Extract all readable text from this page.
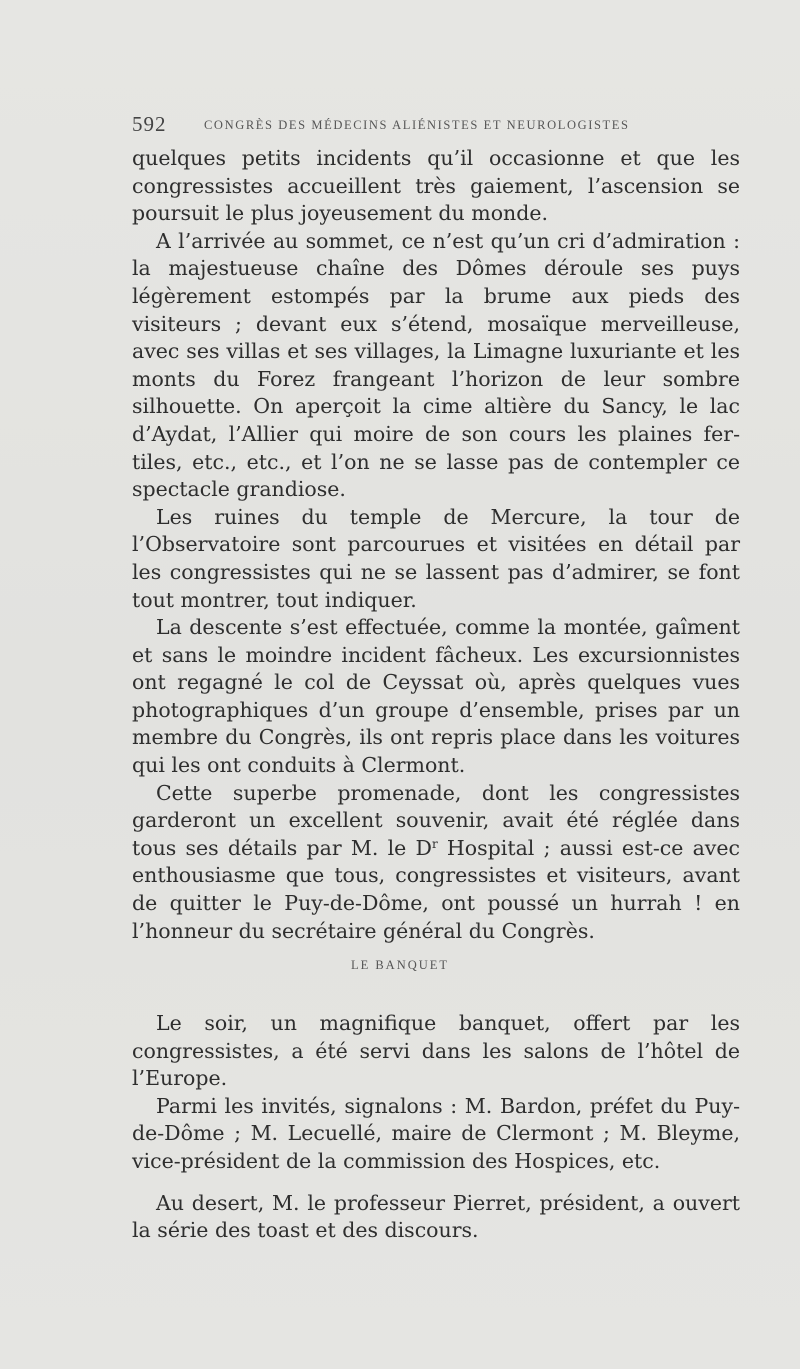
592	CONGRÈS DES MÉDECINS ALIÉNISTES ET NEUROLOGISTES

quelques petits incidents qu’il occasionne et que les congressistes accueillent très gaiement, l’ascension se poursuit le plus joyeusement du monde.

A l’arrivée au sommet, ce n’est qu’un cri d’admiration : la majestueuse chaîne des Dômes déroule ses puys légèrement estompés par la brume aux pieds des visiteurs ; devant eux s’étend, mosaïque merveilleuse, avec ses villas et ses villages, la Limagne luxuriante et les monts du Forez frangeant l’horizon de leur sombre silhouette. On aperçoit la cime altière du Sancy, le lac d’Aydat, l’Allier qui moire de son cours les plaines fertiles, etc., etc., et l’on ne se lasse pas de contempler ce spectacle grandiose.

Les ruines du temple de Mercure, la tour de l’Observatoire sont parcourues et visitées en détail par les congressistes qui ne se lassent pas d’admirer, se font tout montrer, tout indiquer.

La descente s’est effectuée, comme la montée, gaîment et sans le moindre incident fâcheux. Les excursionnistes ont regagné le col de Ceyssat où, après quelques vues photographiques d’un groupe d’ensemble, prises par un membre du Congrès, ils ont repris place dans les voitures qui les ont conduits à Clermont.

Cette superbe promenade, dont les congressistes garderont un excellent souvenir, avait été réglée dans tous ses détails par M. le $D^r$ Hospital ; aussi est-ce avec enthousiasme que tous, congressistes et visiteurs, avant de quitter le Puy-de-Dôme, ont poussé un hurrah ! en l’honneur du secrétaire général du Congrès.

LE BANQUET

Le soir, un magnifique banquet, offert par les congressistes, a été servi dans les salons de l’hôtel de l’Europe.

Parmi les invités, signalons : M. Bardon, préfet du Puy-de-Dôme ; M. Lecuellé, maire de Clermont ; M. Bleyme, vice-président de la commission des Hospices, etc.

Au desert, M. le professeur Pierret, président, a ouvert la série des toast et des discours.
